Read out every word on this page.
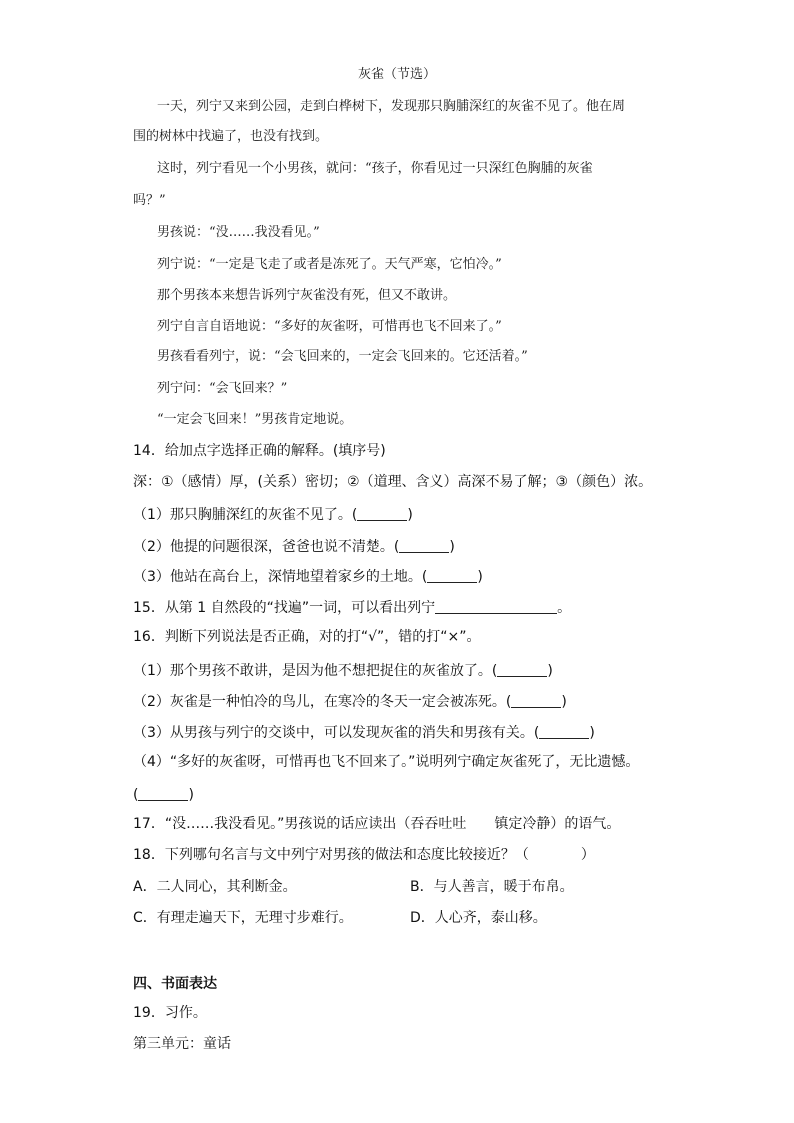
灰雀（节选）
一天，列宁又来到公园，走到白桦树下，发现那只胸脯深红的灰雀不见了。他在周
围的树林中找遍了，也没有找到。
这时，列宁看见一个小男孩，就问：“孩子，你看见过一只深红色胸脯的灰雀
吗？”
男孩说：“没……我没看见。”
列宁说：“一定是飞走了或者是冻死了。天气严寒，它怕冷。”
那个男孩本来想告诉列宁灰雀没有死，但又不敢讲。
列宁自言自语地说：“多好的灰雀呀，可惜再也飞不回来了。”
男孩看看列宁，说：“会飞回来的，一定会飞回来的。它还活着。”
列宁问：“会飞回来？”
“一定会飞回来！”男孩肯定地说。
14．给加点字选择正确的解释。(填序号)
深：①（感情）厚，(关系）密切；②（道理、含义）高深不易了解；③（颜色）浓。
（1）那只胸脯深红的灰雀不见了。(	)
（2）他提的问题很深，爸爸也说不清楚。(	)
（3）他站在高台上，深情地望着家乡的土地。(	)
15．从第 1 自然段的“找遍”一词，可以看出列宁	。
16．判断下列说法是否正确，对的打“√”，错的打“×”。
（1）那个男孩不敢讲，是因为他不想把捉住的灰雀放了。(	)
（2）灰雀是一种怕冷的鸟儿，在寒冷的冬天一定会被冻死。(	)
（3）从男孩与列宁的交谈中，可以发现灰雀的消失和男孩有关。(	)
（4）“多好的灰雀呀，可惜再也飞不回来了。”说明列宁确定灰雀死了，无比遗憾。
(	)
17．“没……我没看见。”男孩说的话应读出（吞吞吐吐 镇定冷静）的语气。
18．下列哪句名言与文中列宁对男孩的做法和态度比较接近？（	）
A．二人同心，其利断金。	B．与人善言，暖于布帛。
C．有理走遍天下，无理寸步难行。	D．人心齐，泰山移。
四、书面表达
19．习作。
第三单元：童话
